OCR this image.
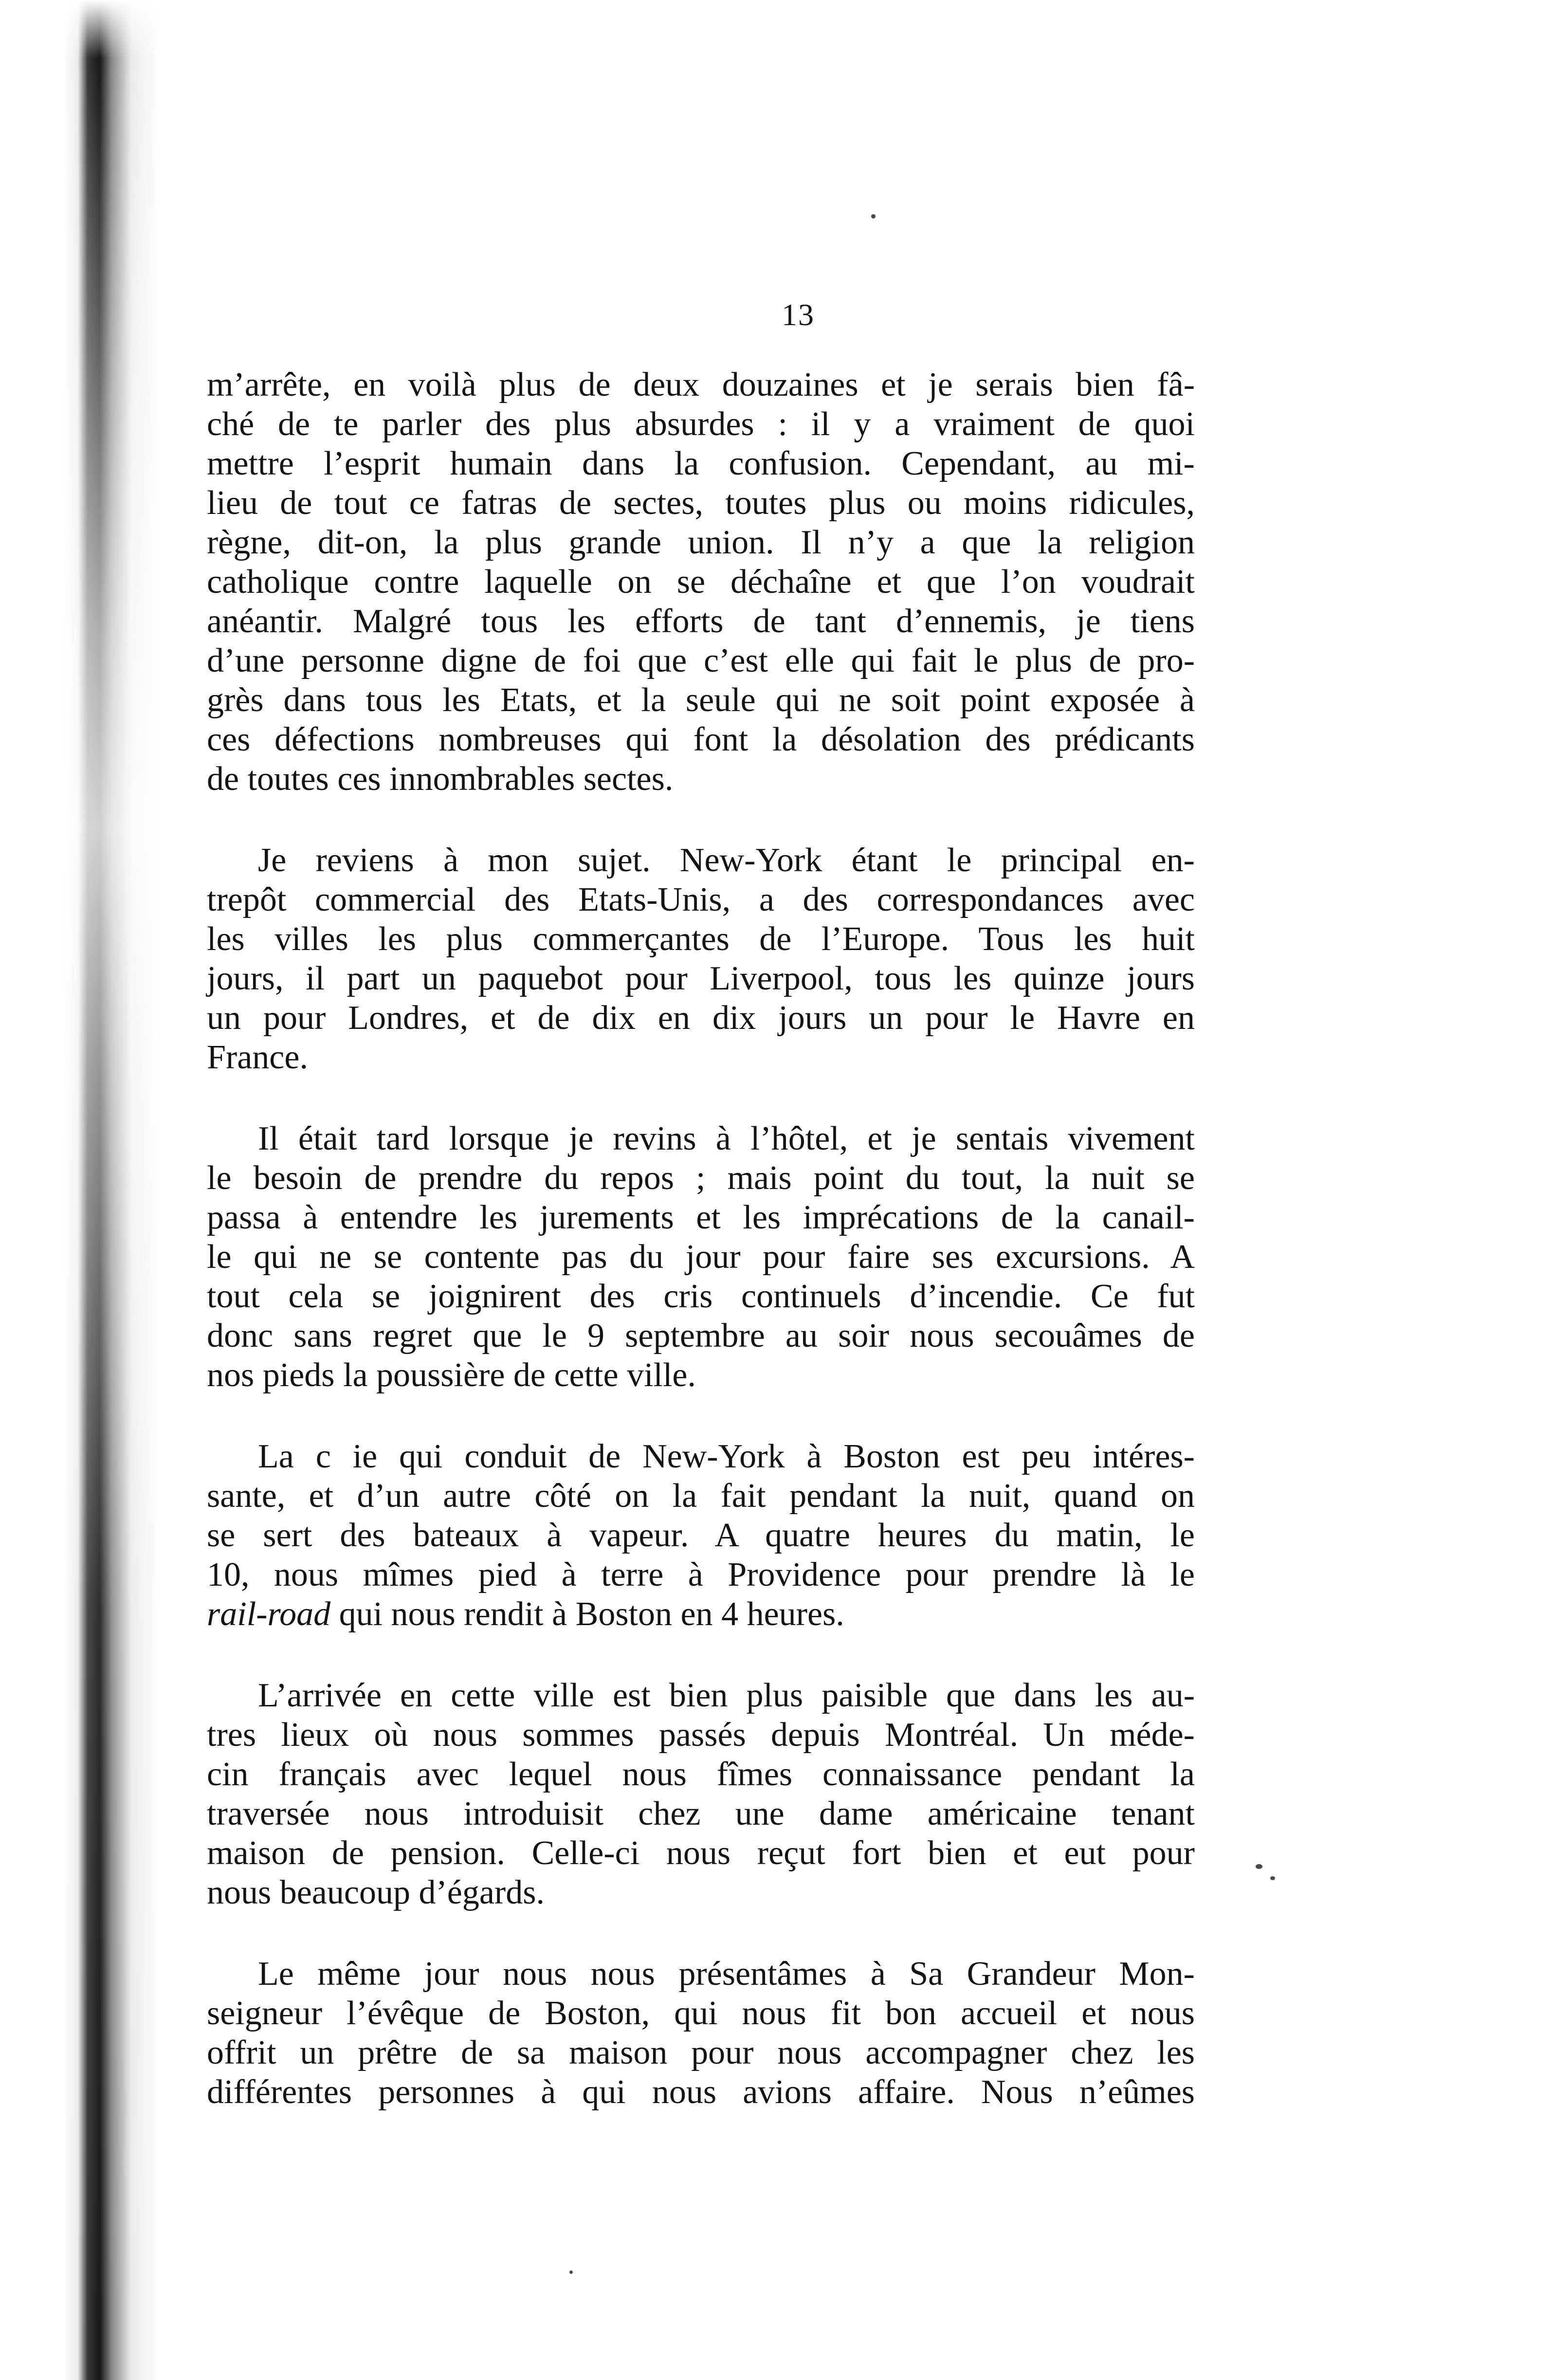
13
m’arrête, en voilà plus de deux douzaines et je serais bien fâ-
ché de te parler des plus absurdes : il y a vraiment de quoi
mettre l’esprit humain dans la confusion. Cependant, au mi-
lieu de tout ce fatras de sectes, toutes plus ou moins ridicules,
règne, dit-on, la plus grande union. Il n’y a que la religion
catholique contre laquelle on se déchaîne et que l’on voudrait
anéantir. Malgré tous les efforts de tant d’ennemis, je tiens
d’une personne digne de foi que c’est elle qui fait le plus de pro-
grès dans tous les Etats, et la seule qui ne soit point exposée à
ces défections nombreuses qui font la désolation des prédicants
de toutes ces innombrables sectes.
Je reviens à mon sujet. New-York étant le principal en-
trepôt commercial des Etats-Unis, a des correspondances avec
les villes les plus commerçantes de l’Europe. Tous les huit
jours, il part un paquebot pour Liverpool, tous les quinze jours
un pour Londres, et de dix en dix jours un pour le Havre en
France.
Il était tard lorsque je revins à l’hôtel, et je sentais vivement
le besoin de prendre du repos ; mais point du tout, la nuit se
passa à entendre les jurements et les imprécations de la canail-
le qui ne se contente pas du jour pour faire ses excursions. A
tout cela se joignirent des cris continuels d’incendie. Ce fut
donc sans regret que le 9 septembre au soir nous secouâmes de
nos pieds la poussière de cette ville.
La c ie qui conduit de New-York à Boston est peu intéres-
sante, et d’un autre côté on la fait pendant la nuit, quand on
se sert des bateaux à vapeur. A quatre heures du matin, le
10, nous mîmes pied à terre à Providence pour prendre là le
rail-road qui nous rendit à Boston en 4 heures.
L’arrivée en cette ville est bien plus paisible que dans les au-
tres lieux où nous sommes passés depuis Montréal. Un méde-
cin français avec lequel nous fîmes connaissance pendant la
traversée nous introduisit chez une dame américaine tenant
maison de pension. Celle-ci nous reçut fort bien et eut pour
nous beaucoup d’égards.
Le même jour nous nous présentâmes à Sa Grandeur Mon-
seigneur l’évêque de Boston, qui nous fit bon accueil et nous
offrit un prêtre de sa maison pour nous accompagner chez les
différentes personnes à qui nous avions affaire. Nous n’eûmes
